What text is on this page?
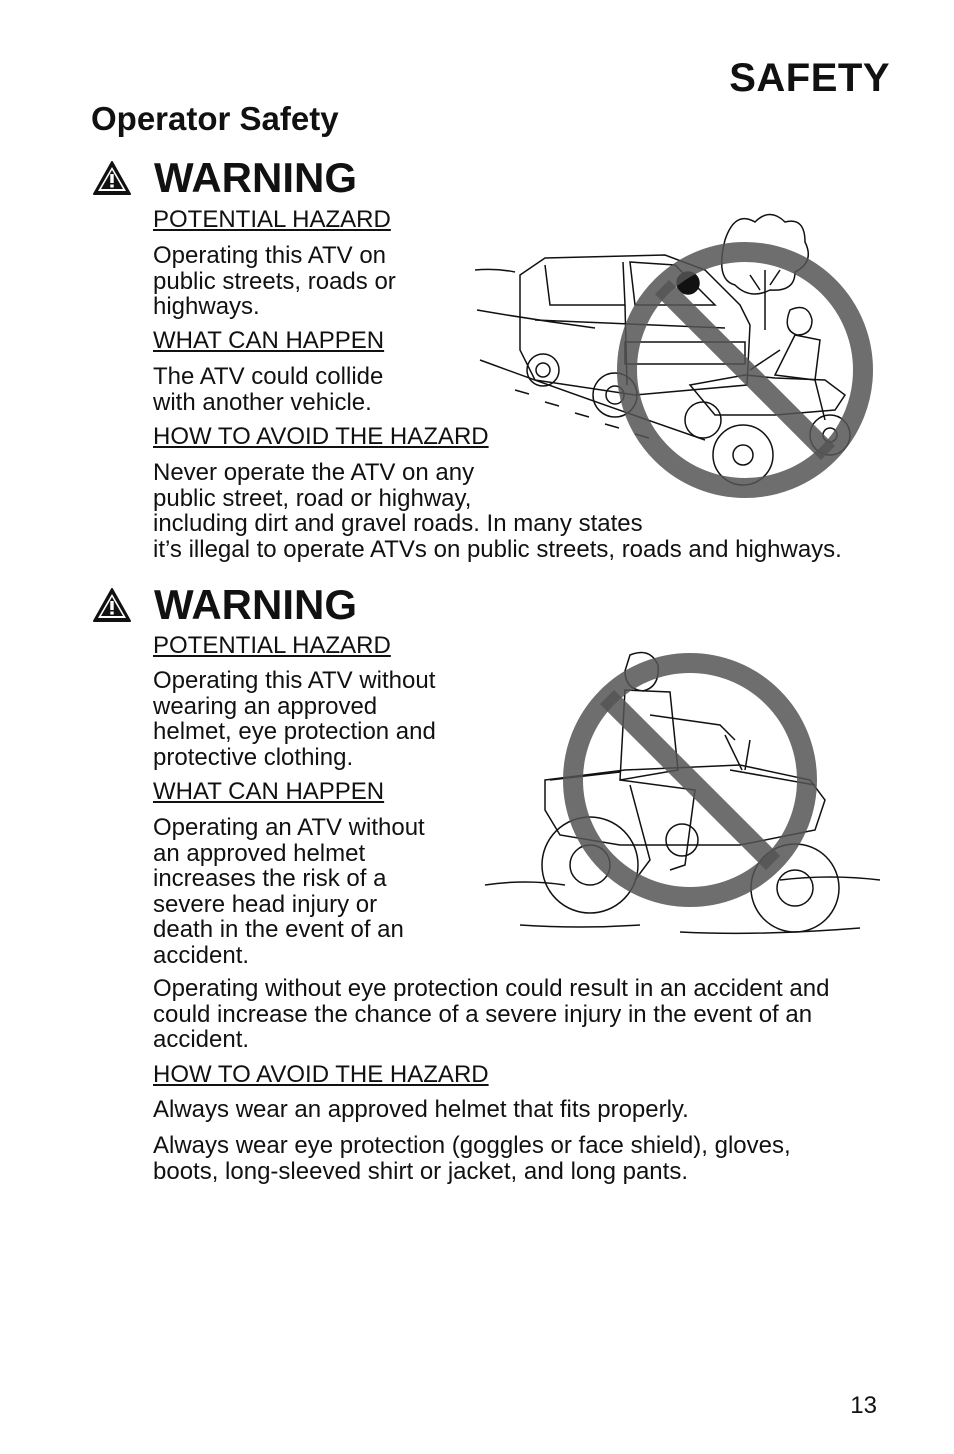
SAFETY
Operator Safety
WARNING
POTENTIAL HAZARD
Operating this ATV on
public streets, roads or
highways.
WHAT CAN HAPPEN
The ATV could collide
with another vehicle.
HOW TO AVOID THE HAZARD
Never operate the ATV on any
public street, road or highway,
including dirt and gravel roads. In many states
it’s illegal to operate ATVs on public streets, roads and highways.
WARNING
POTENTIAL HAZARD
Operating this ATV without
wearing an approved
helmet, eye protection and
protective clothing.
WHAT CAN HAPPEN
Operating an ATV without
an approved helmet
increases the risk of a
severe head injury or
death in the event of an
accident.
Operating without eye protection could result in an accident and
could increase the chance of a severe injury in the event of an
accident.
HOW TO AVOID THE HAZARD
Always wear an approved helmet that fits properly.
Always wear eye protection (goggles or face shield), gloves,
boots, long-sleeved shirt or jacket, and long pants.
13
